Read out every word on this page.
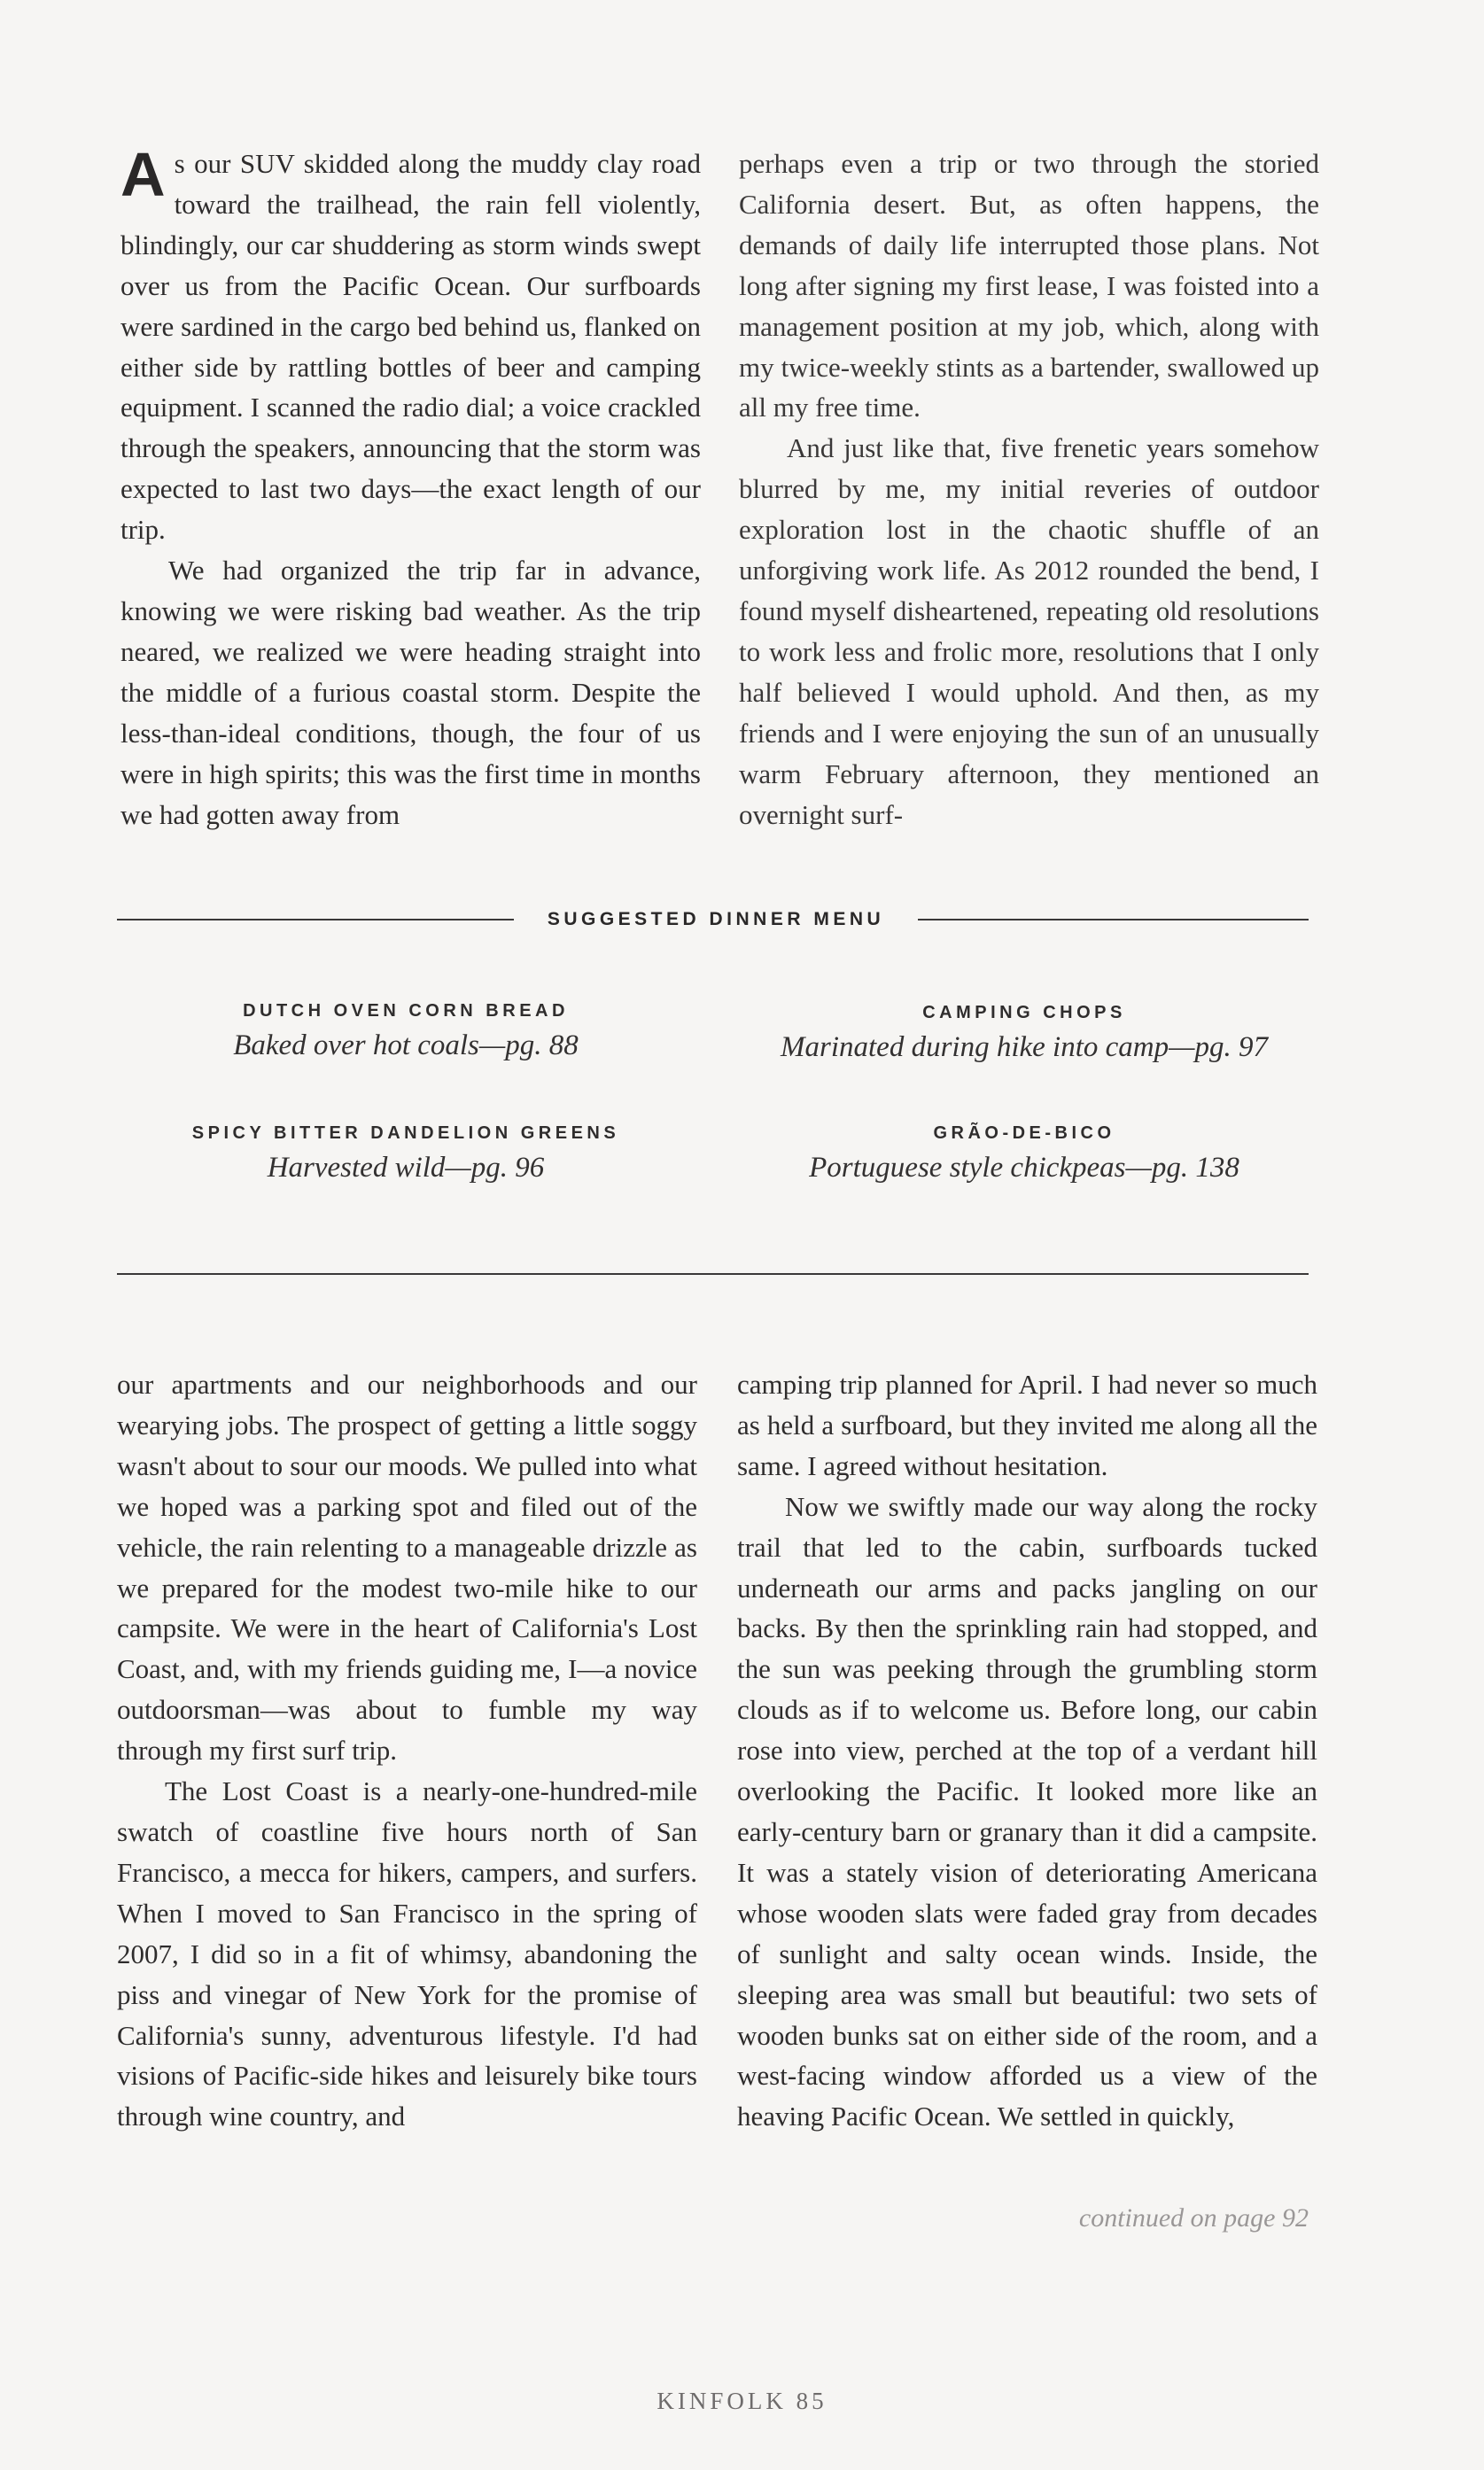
As our SUV skidded along the muddy clay road toward the trailhead, the rain fell violently, blindingly, our car shuddering as storm winds swept over us from the Pacific Ocean. Our surfboards were sardined in the cargo bed behind us, flanked on either side by rattling bottles of beer and camping equipment. I scanned the radio dial; a voice crackled through the speakers, announcing that the storm was expected to last two days—the exact length of our trip.

We had organized the trip far in advance, knowing we were risking bad weather. As the trip neared, we realized we were heading straight into the middle of a furious coastal storm. Despite the less-than-ideal conditions, though, the four of us were in high spirits; this was the first time in months we had gotten away from

perhaps even a trip or two through the storied California desert. But, as often happens, the demands of daily life interrupted those plans. Not long after signing my first lease, I was foisted into a management position at my job, which, along with my twice-weekly stints as a bartender, swallowed up all my free time.

And just like that, five frenetic years somehow blurred by me, my initial reveries of outdoor exploration lost in the chaotic shuffle of an unforgiving work life. As 2012 rounded the bend, I found myself disheartened, repeating old resolutions to work less and frolic more, resolutions that I only half believed I would uphold. And then, as my friends and I were enjoying the sun of an unusually warm February afternoon, they mentioned an overnight surf-

SUGGESTED DINNER MENU
DUTCH OVEN CORN BREAD
Baked over hot coals—pg. 88
CAMPING CHOPS
Marinated during hike into camp—pg. 97
SPICY BITTER DANDELION GREENS
Harvested wild—pg. 96
GRÃO-DE-BICO
Portuguese style chickpeas—pg. 138

our apartments and our neighborhoods and our wearying jobs. The prospect of getting a little soggy wasn't about to sour our moods. We pulled into what we hoped was a parking spot and filed out of the vehicle, the rain relenting to a manageable drizzle as we prepared for the modest two-mile hike to our campsite. We were in the heart of California's Lost Coast, and, with my friends guiding me, I—a novice outdoorsman—was about to fumble my way through my first surf trip.

The Lost Coast is a nearly-one-hundred-mile swatch of coastline five hours north of San Francisco, a mecca for hikers, campers, and surfers. When I moved to San Francisco in the spring of 2007, I did so in a fit of whimsy, abandoning the piss and vinegar of New York for the promise of California's sunny, adventurous lifestyle. I'd had visions of Pacific-side hikes and leisurely bike tours through wine country, and

camping trip planned for April. I had never so much as held a surfboard, but they invited me along all the same. I agreed without hesitation.

Now we swiftly made our way along the rocky trail that led to the cabin, surfboards tucked underneath our arms and packs jangling on our backs. By then the sprinkling rain had stopped, and the sun was peeking through the grumbling storm clouds as if to welcome us. Before long, our cabin rose into view, perched at the top of a verdant hill overlooking the Pacific. It looked more like an early-century barn or granary than it did a campsite. It was a stately vision of deteriorating Americana whose wooden slats were faded gray from decades of sunlight and salty ocean winds. Inside, the sleeping area was small but beautiful: two sets of wooden bunks sat on either side of the room, and a west-facing window afforded us a view of the heaving Pacific Ocean. We settled in quickly,

continued on page 92
KINFOLK 85
